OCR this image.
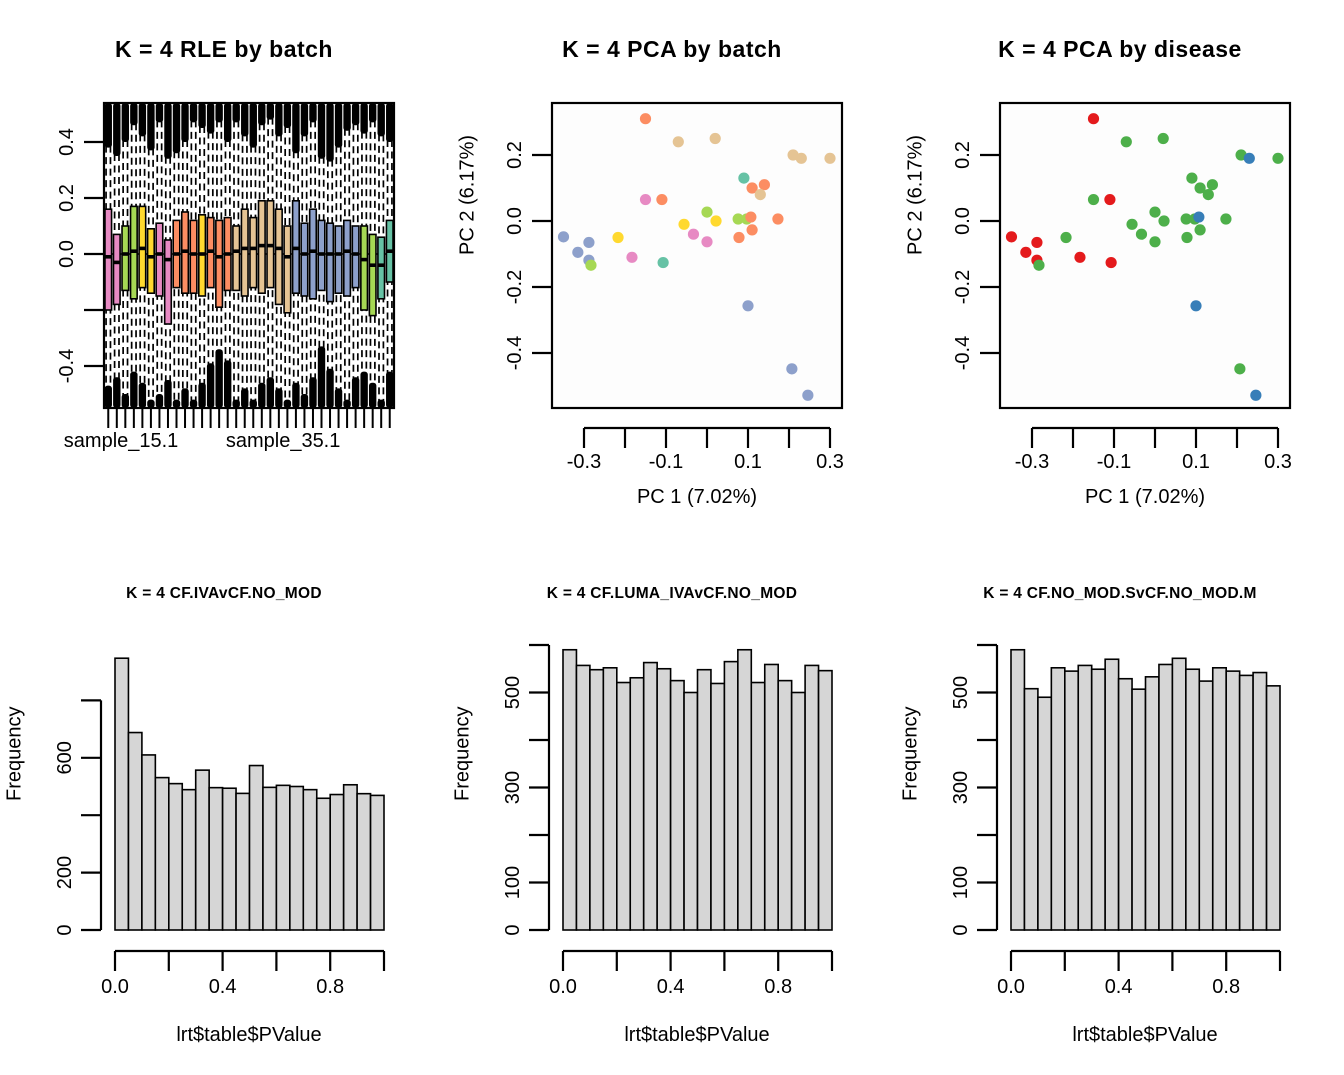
0.4
0.2
0.0
-0.4
sample_15.1 sample_35.1
K = 4 RLE by batch
-0.3 -0.1	0.1	0.3
0.2
0.0
-0.2
-0.4
K = 4 PCA by batch
PC 1 (7.02%)
PC 2 (6.17%)
-0.3 -0.1	0.1	0.3
0.2
0.0
-0.2
-0.4
K = 4 PCA by disease
PC 1 (7.02%)
PC 2 (6.17%)
0
200
600
0.0	0.4	0.8
K = 4 CF.IVAvCF.NO_MOD
lrt$table$PValue
Frequency
0
100
300
500
0.0	0.4	0.8
K = 4 CF.LUMA_IVAvCF.NO_MOD
lrt$table$PValue
Frequency
0
100
300
500
0.0	0.4	0.8
K = 4 CF.NO_MOD.SvCF.NO_MOD.M
lrt$table$PValue
Frequency
